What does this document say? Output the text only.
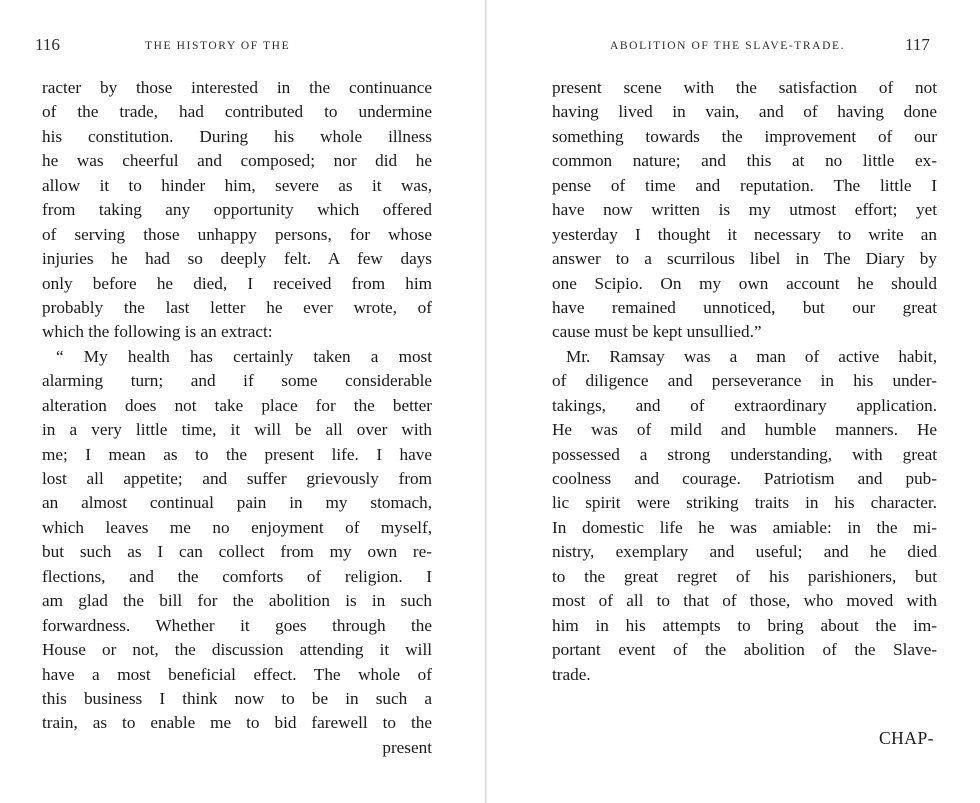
116	THE HISTORY OF THE
racter by those interested in the continuance
of the trade, had contributed to undermine
his constitution. During his whole illness
he was cheerful and composed; nor did he
allow it to hinder him, severe as it was,
from taking any opportunity which offered
of serving those unhappy persons, for whose
injuries he had so deeply felt. A few days
only before he died, I received from him
probably the last letter he ever wrote, of
which the following is an extract:
“ My health has certainly taken a most
alarming turn; and if some considerable
alteration does not take place for the better
in a very little time, it will be all over with
me; I mean as to the present life. I have
lost all appetite; and suffer grievously from
an almost continual pain in my stomach,
which leaves me no enjoyment of myself,
but such as I can collect from my own re-
flections, and the comforts of religion. I
am glad the bill for the abolition is in such
forwardness. Whether it goes through the
House or not, the discussion attending it will
have a most beneficial effect. The whole of
this business I think now to be in such a
train, as to enable me to bid farewell to the
present
ABOLITION OF THE SLAVE-TRADE.	117
present scene with the satisfaction of not
having lived in vain, and of having done
something towards the improvement of our
common nature; and this at no little ex-
pense of time and reputation. The little I
have now written is my utmost effort; yet
yesterday I thought it necessary to write an
answer to a scurrilous libel in The Diary by
one Scipio. On my own account he should
have remained unnoticed, but our great
cause must be kept unsullied.”
Mr. Ramsay was a man of active habit,
of diligence and perseverance in his under-
takings, and of extraordinary application.
He was of mild and humble manners. He
possessed a strong understanding, with great
coolness and courage. Patriotism and pub-
lic spirit were striking traits in his character.
In domestic life he was amiable: in the mi-
nistry, exemplary and useful; and he died
to the great regret of his parishioners, but
most of all to that of those, who moved with
him in his attempts to bring about the im-
portant event of the abolition of the Slave-
trade.
CHAP-
